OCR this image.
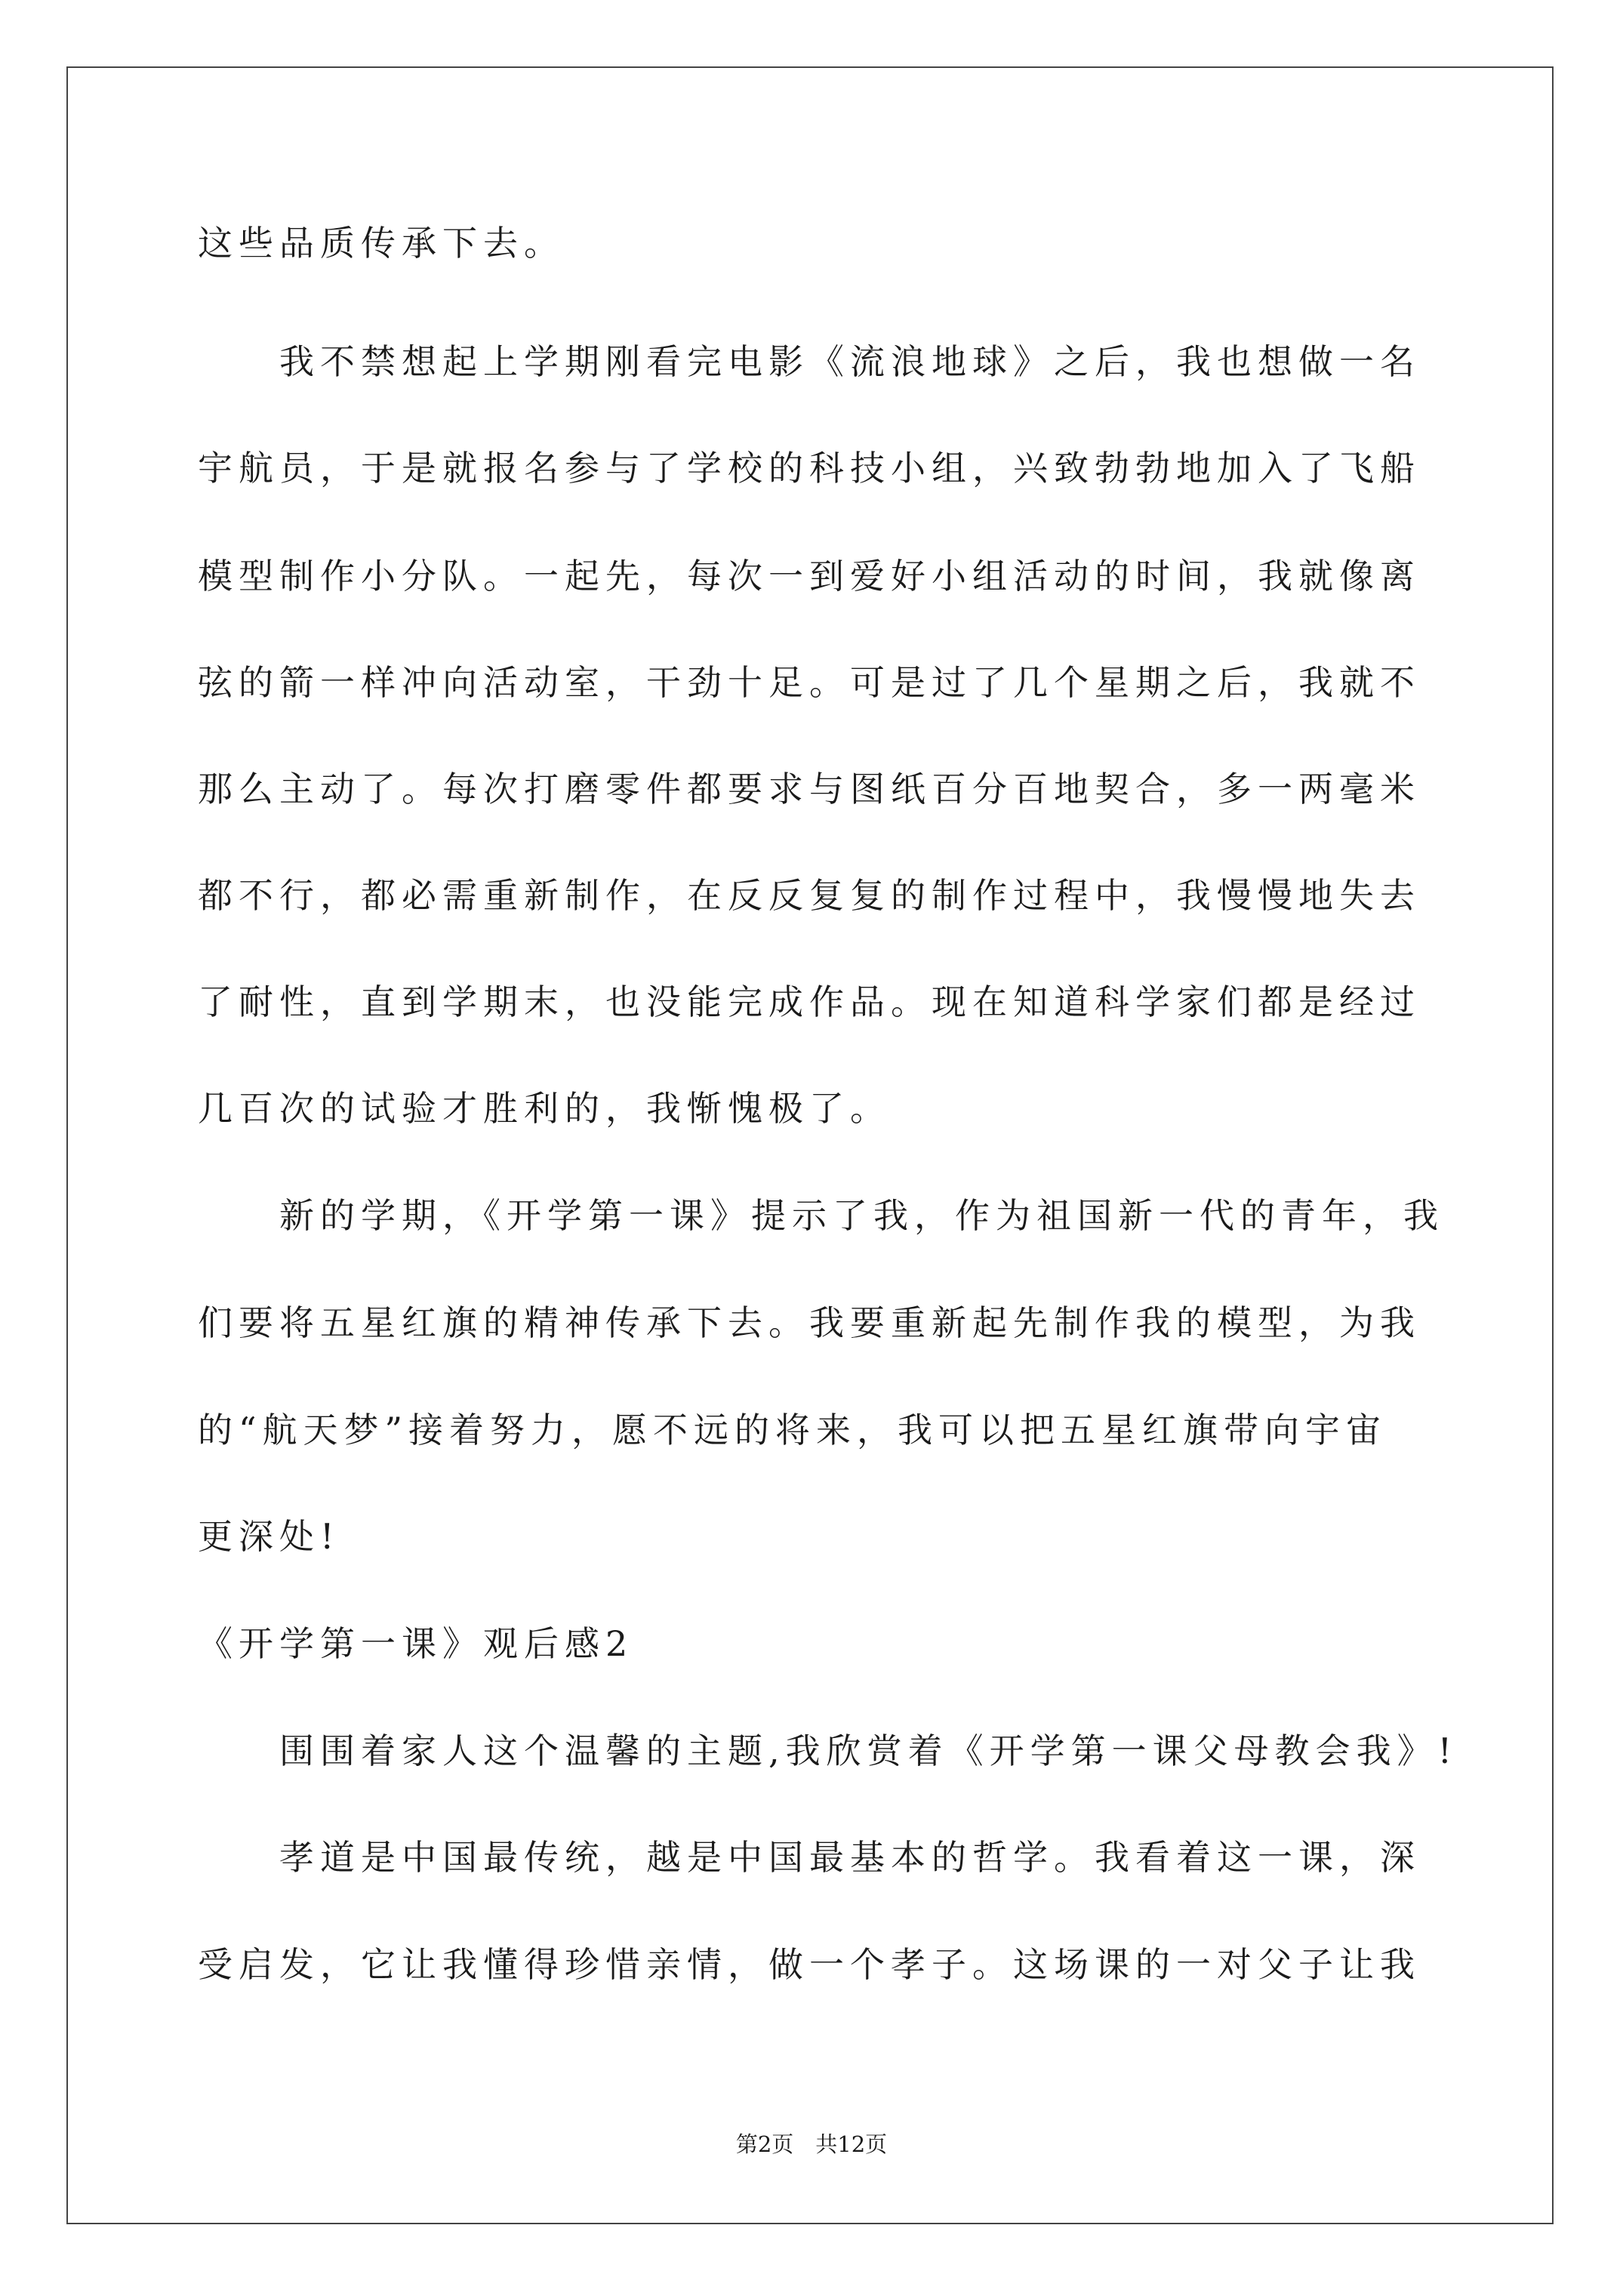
这些品质传承下去。
　　我不禁想起上学期刚看完电影《流浪地球》之后，我也想做一名
宇航员，于是就报名参与了学校的科技小组，兴致勃勃地加入了飞船
模型制作小分队。一起先，每次一到爱好小组活动的时间，我就像离
弦的箭一样冲向活动室，干劲十足。可是过了几个星期之后，我就不
那么主动了。每次打磨零件都要求与图纸百分百地契合，多一两毫米
都不行，都必需重新制作，在反反复复的制作过程中，我慢慢地失去
了耐性，直到学期末，也没能完成作品。现在知道科学家们都是经过
几百次的试验才胜利的，我惭愧极了。
　　新的学期，《开学第一课》提示了我，作为祖国新一代的青年，我
们要将五星红旗的精神传承下去。我要重新起先制作我的模型，为我
的“航天梦”接着努力，愿不远的将来，我可以把五星红旗带向宇宙
更深处!
《开学第一课》观后感2
　　围围着家人这个温馨的主题,我欣赏着《开学第一课父母教会我》!
　　孝道是中国最传统，越是中国最基本的哲学。我看着这一课，深
受启发，它让我懂得珍惜亲情，做一个孝子。这场课的一对父子让我
第2页　共12页
